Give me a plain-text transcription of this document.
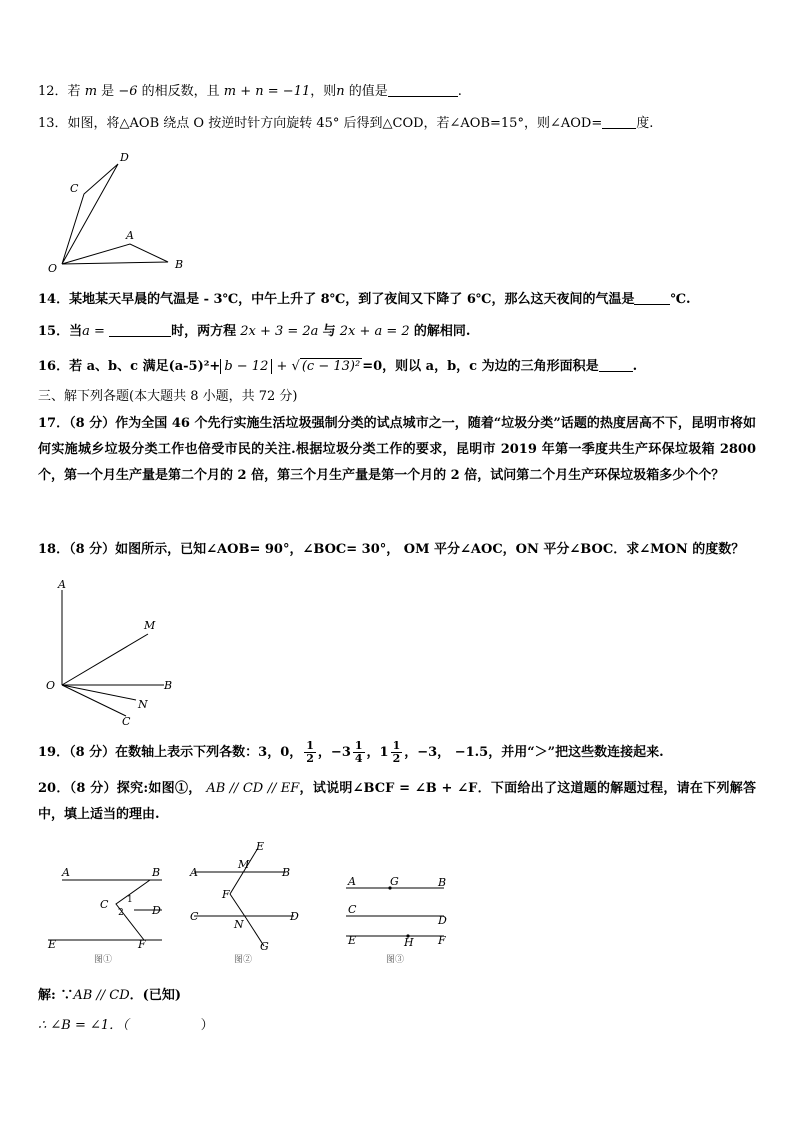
12．若 m 是 −6 的相反数，且 m + n = −11，则n 的值是	.
13．如图，将△AOB 绕点 O 按逆时针方向旋转 45° 后得到△COD，若∠AOB=15°，则∠AOD=	度.
D
C
A
O	B
14．某地某天早晨的气温是 - 3℃，中午上升了 8℃，到了夜间又下降了 6℃，那么这天夜间的气温是	℃.
15．当a =	时，两方程 2x + 3 = 2a 与 2x + a = 2 的解相同.
16．若 a、b、c 满足(a-5)²+ b − 12 + √ (c − 13)² =0，则以 a，b，c 为边的三角形面积是	.
三、解下列各题(本大题共 8 小题，共 72 分)
17．（8 分）作为全国 46 个先行实施生活垃圾强制分类的试点城市之一，随着“垃圾分类”话题的热度居高不下，昆明市将如何实施城乡垃圾分类工作也倍受市民的关注.根据垃圾分类工作的要求，昆明市 2019 年第一季度共生产环保垃圾箱 2800 个，第一个月生产量是第二个月的 2 倍，第三个月生产量是第一个月的 2 倍，试问第二个月生产环保垃圾箱多少个个？
18．（8 分）如图所示，已知∠AOB= 90°，∠BOC= 30°， OM 平分∠AOC，ON 平分∠BOC．求∠MON 的度数？
A
M
O	B
N
C
19．（8 分）在数轴上表示下列各数：3，0， $\frac{1}{2}$ ，$-3 \frac{1}{4}$ ，$1 \frac{1}{2}$ ，−3， −1.5，并用“＞”把这些数连接起来.
20．（8 分）探究:如图①， AB // CD // EF，试说明∠BCF = ∠B + ∠F．下面给出了这道题的解题过程，请在下列解答中，填上适当的理由.
A	B
C 1
2	D
E	F
图①
E
A
M
B
F
C
N
D
G
图②
A	G	B
C
D
E	H F
图③
解: ∵AB // CD．(已知)
∴ ∠B = ∠1．（	）
